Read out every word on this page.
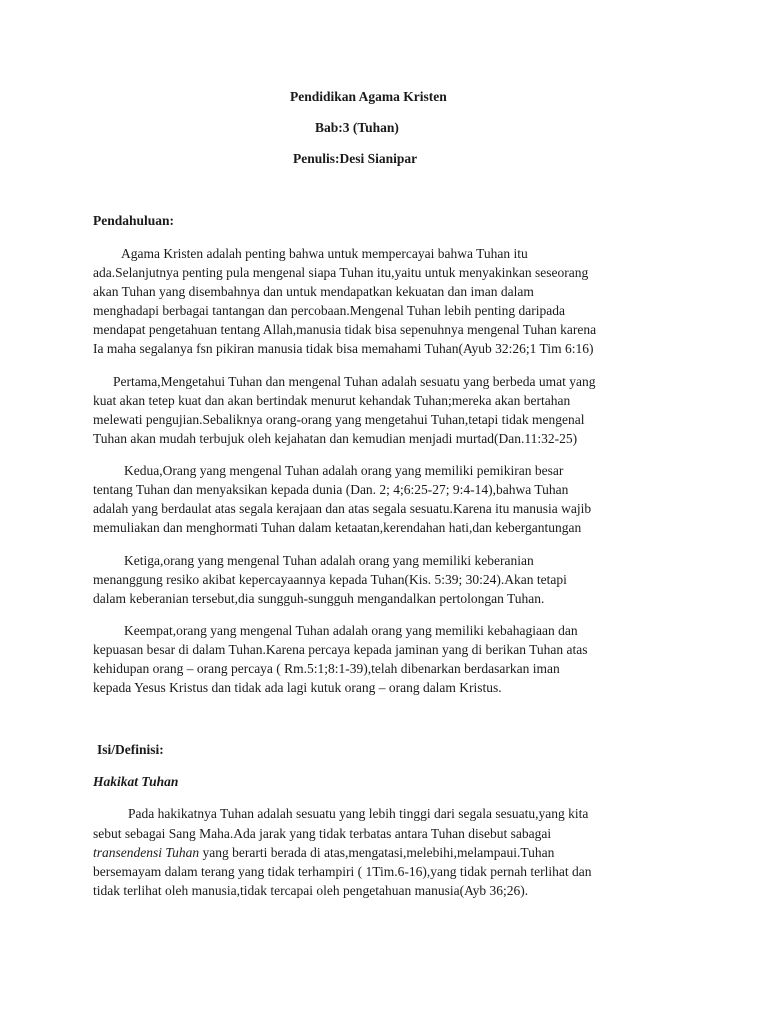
Pendidikan Agama Kristen
Bab:3 (Tuhan)
Penulis:Desi Sianipar
Pendahuluan:
Agama Kristen adalah penting bahwa untuk mempercayai bahwa Tuhan itu
ada.Selanjutnya penting pula mengenal siapa Tuhan itu,yaitu untuk menyakinkan seseorang
akan Tuhan yang disembahnya dan untuk mendapatkan kekuatan dan iman dalam
menghadapi berbagai tantangan dan percobaan.Mengenal Tuhan lebih penting daripada
mendapat pengetahuan tentang Allah,manusia tidak bisa sepenuhnya mengenal Tuhan karena
Ia maha segalanya fsn pikiran manusia tidak bisa memahami Tuhan(Ayub 32:26;1 Tim 6:16)
Pertama,Mengetahui Tuhan dan mengenal Tuhan adalah sesuatu yang berbeda umat yang
kuat akan tetep kuat dan akan bertindak menurut kehandak Tuhan;mereka akan bertahan
melewati pengujian.Sebaliknya orang-orang yang mengetahui Tuhan,tetapi tidak mengenal
Tuhan akan mudah terbujuk oleh kejahatan dan kemudian menjadi murtad(Dan.11:32-25)
Kedua,Orang yang mengenal Tuhan adalah orang yang memiliki pemikiran besar
tentang Tuhan dan menyaksikan kepada dunia (Dan. 2; 4;6:25-27; 9:4-14),bahwa Tuhan
adalah yang berdaulat atas segala kerajaan dan atas segala sesuatu.Karena itu manusia wajib
memuliakan dan menghormati Tuhan dalam ketaatan,kerendahan hati,dan kebergantungan
Ketiga,orang yang mengenal Tuhan adalah orang yang memiliki keberanian
menanggung resiko akibat kepercayaannya kepada Tuhan(Kis. 5:39; 30:24).Akan tetapi
dalam keberanian tersebut,dia sungguh-sungguh mengandalkan pertolongan Tuhan.
Keempat,orang yang mengenal Tuhan adalah orang yang memiliki kebahagiaan dan
kepuasan besar di dalam Tuhan.Karena percaya kepada jaminan yang di berikan Tuhan atas
kehidupan orang – orang percaya ( Rm.5:1;8:1-39),telah dibenarkan berdasarkan iman
kepada Yesus Kristus dan tidak ada lagi kutuk orang – orang dalam Kristus.
Isi/Definisi:
Hakikat Tuhan
Pada hakikatnya Tuhan adalah sesuatu yang lebih tinggi dari segala sesuatu,yang kita
sebut sebagai Sang Maha.Ada jarak yang tidak terbatas antara Tuhan disebut sabagai
transendensi Tuhan yang berarti berada di atas,mengatasi,melebihi,melampaui.Tuhan
bersemayam dalam terang yang tidak terhampiri ( 1Tim.6-16),yang tidak pernah terlihat dan
tidak terlihat oleh manusia,tidak tercapai oleh pengetahuan manusia(Ayb 36;26).
